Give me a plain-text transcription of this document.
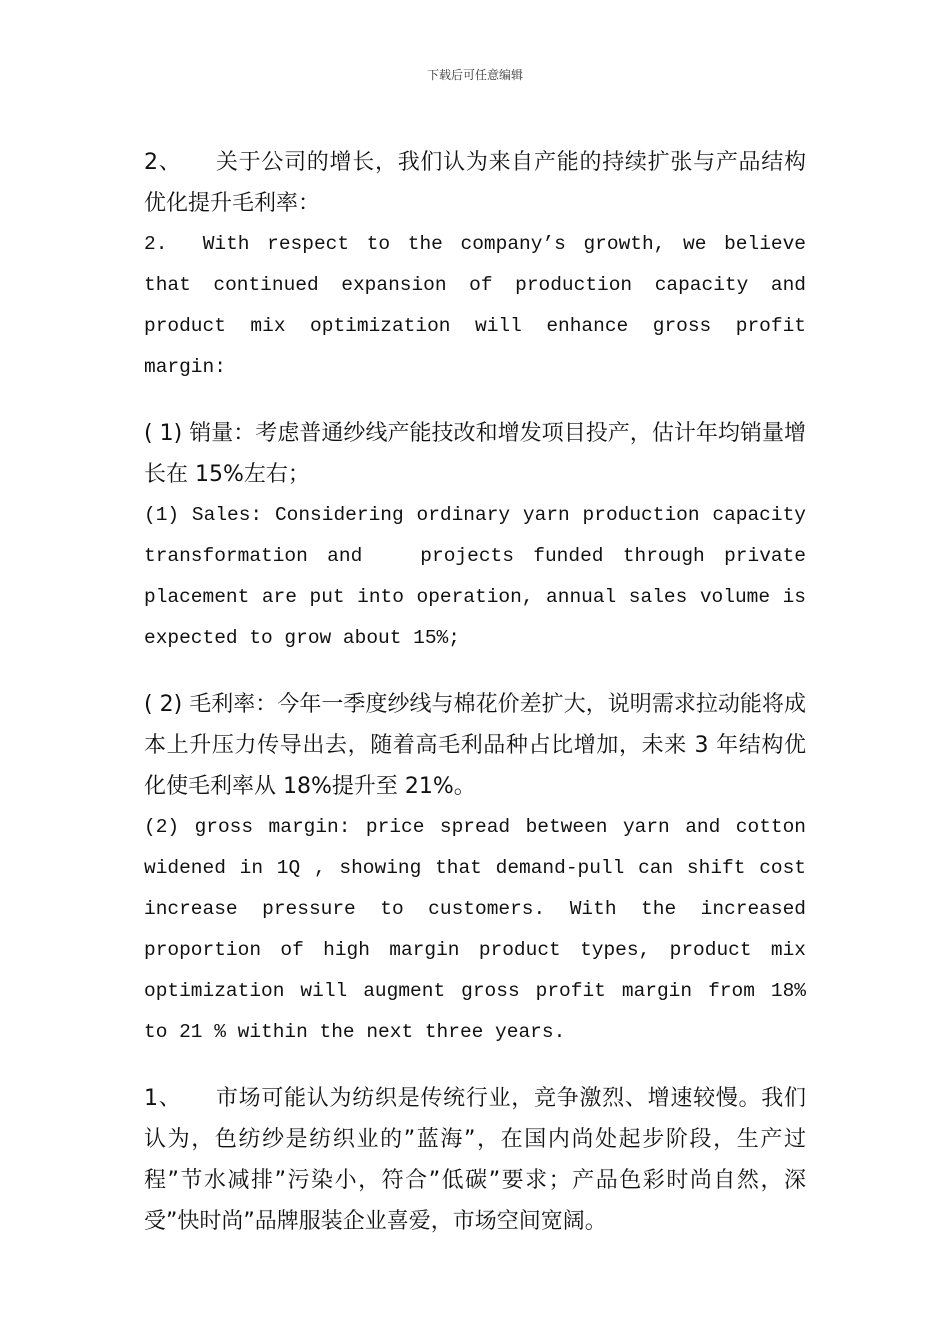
下载后可任意编辑

2、　　关于公司的增长，我们认为来自产能的持续扩张与产品结构优化提升毛利率：

2.  With respect to the company’s growth, we believe that continued expansion of production capacity and product mix optimization will enhance gross profit margin:

( 1) 销量：考虑普通纱线产能技改和增发项目投产，估计年均销量增长在 15%左右；

(1) Sales: Considering ordinary yarn production capacity transformation and   projects funded through private placement are put into operation, annual sales volume is expected to grow about 15%;

( 2) 毛利率：今年一季度纱线与棉花价差扩大，说明需求拉动能将成本上升压力传导出去，随着高毛利品种占比增加，未来 3 年结构优化使毛利率从 18%提升至 21%。

(2) gross margin: price spread between yarn and cotton widened in 1Q , showing that demand-pull can shift cost increase pressure to customers. With the increased proportion of high margin product types, product mix optimization will augment gross profit margin from 18% to 21 % within the next three years.

1、　　市场可能认为纺织是传统行业，竞争激烈、增速较慢。我们认为，色纺纱是纺织业的”蓝海”，在国内尚处起步阶段，生产过程”节水减排”污染小，符合”低碳”要求；产品色彩时尚自然，深受”快时尚”品牌服装企业喜爱，市场空间宽阔。
